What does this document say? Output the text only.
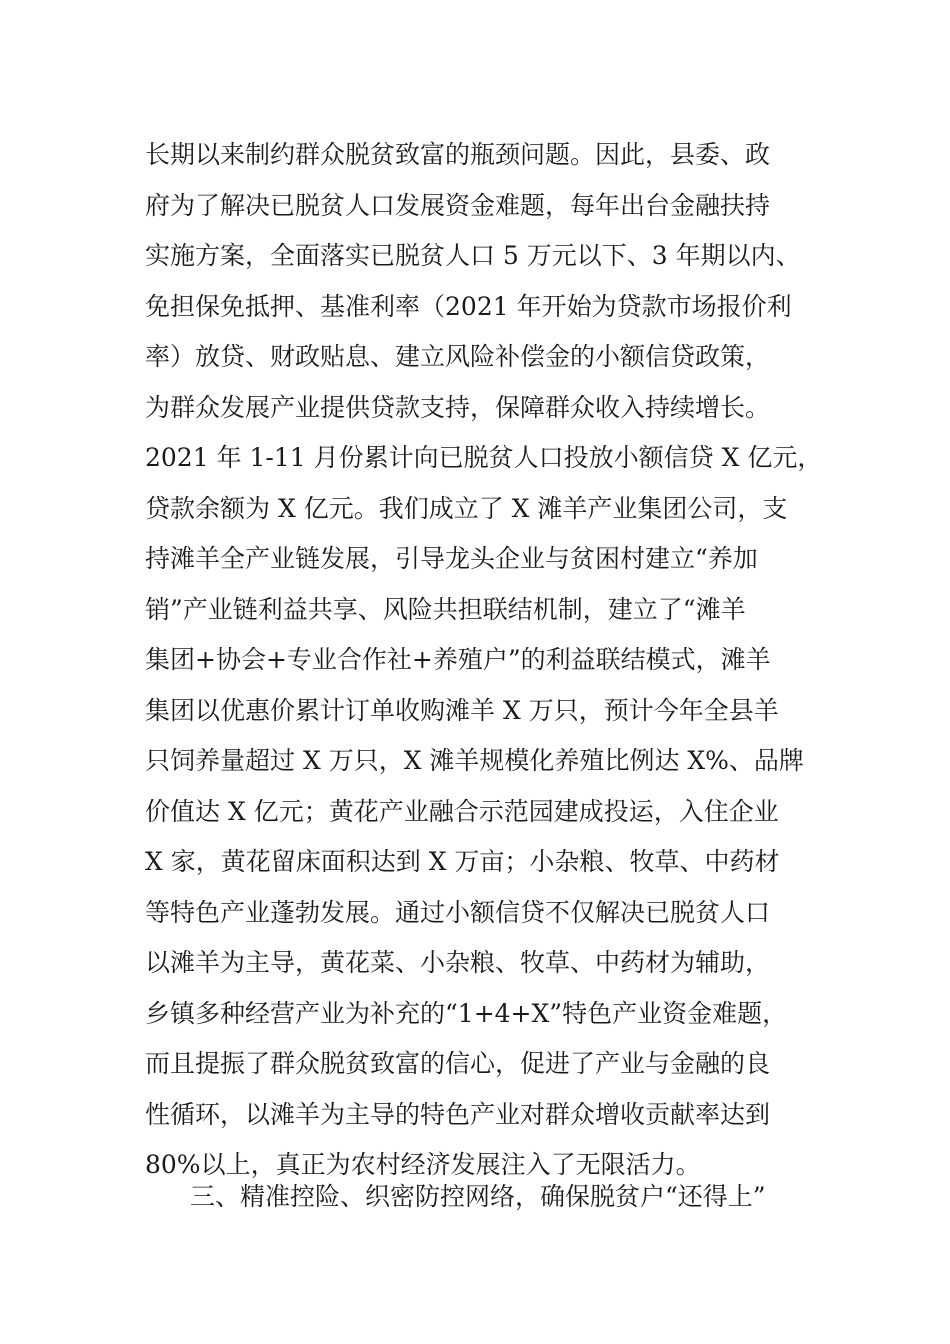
长期以来制约群众脱贫致富的瓶颈问题。因此，县委、政
府为了解决已脱贫人口发展资金难题，每年出台金融扶持
实施方案，全面落实已脱贫人口 5 万元以下、3 年期以内、
免担保免抵押、基准利率（2021 年开始为贷款市场报价利
率）放贷、财政贴息、建立风险补偿金的小额信贷政策，
为群众发展产业提供贷款支持，保障群众收入持续增长。
2021 年 1-11 月份累计向已脱贫人口投放小额信贷 X 亿元，
贷款余额为 X 亿元。我们成立了 X 滩羊产业集团公司，支
持滩羊全产业链发展，引导龙头企业与贫困村建立“养加
销”产业链利益共享、风险共担联结机制，建立了“滩羊
集团+协会+专业合作社+养殖户”的利益联结模式，滩羊
集团以优惠价累计订单收购滩羊 X 万只，预计今年全县羊
只饲养量超过 X 万只，X 滩羊规模化养殖比例达 X%、品牌
价值达 X 亿元；黄花产业融合示范园建成投运，入住企业
X 家，黄花留床面积达到 X 万亩；小杂粮、牧草、中药材
等特色产业蓬勃发展。通过小额信贷不仅解决已脱贫人口
以滩羊为主导，黄花菜、小杂粮、牧草、中药材为辅助，
乡镇多种经营产业为补充的“1+4+X”特色产业资金难题，
而且提振了群众脱贫致富的信心，促进了产业与金融的良
性循环，以滩羊为主导的特色产业对群众增收贡献率达到
80%以上，真正为农村经济发展注入了无限活力。
三、精准控险、织密防控网络，确保脱贫户“还得上”
